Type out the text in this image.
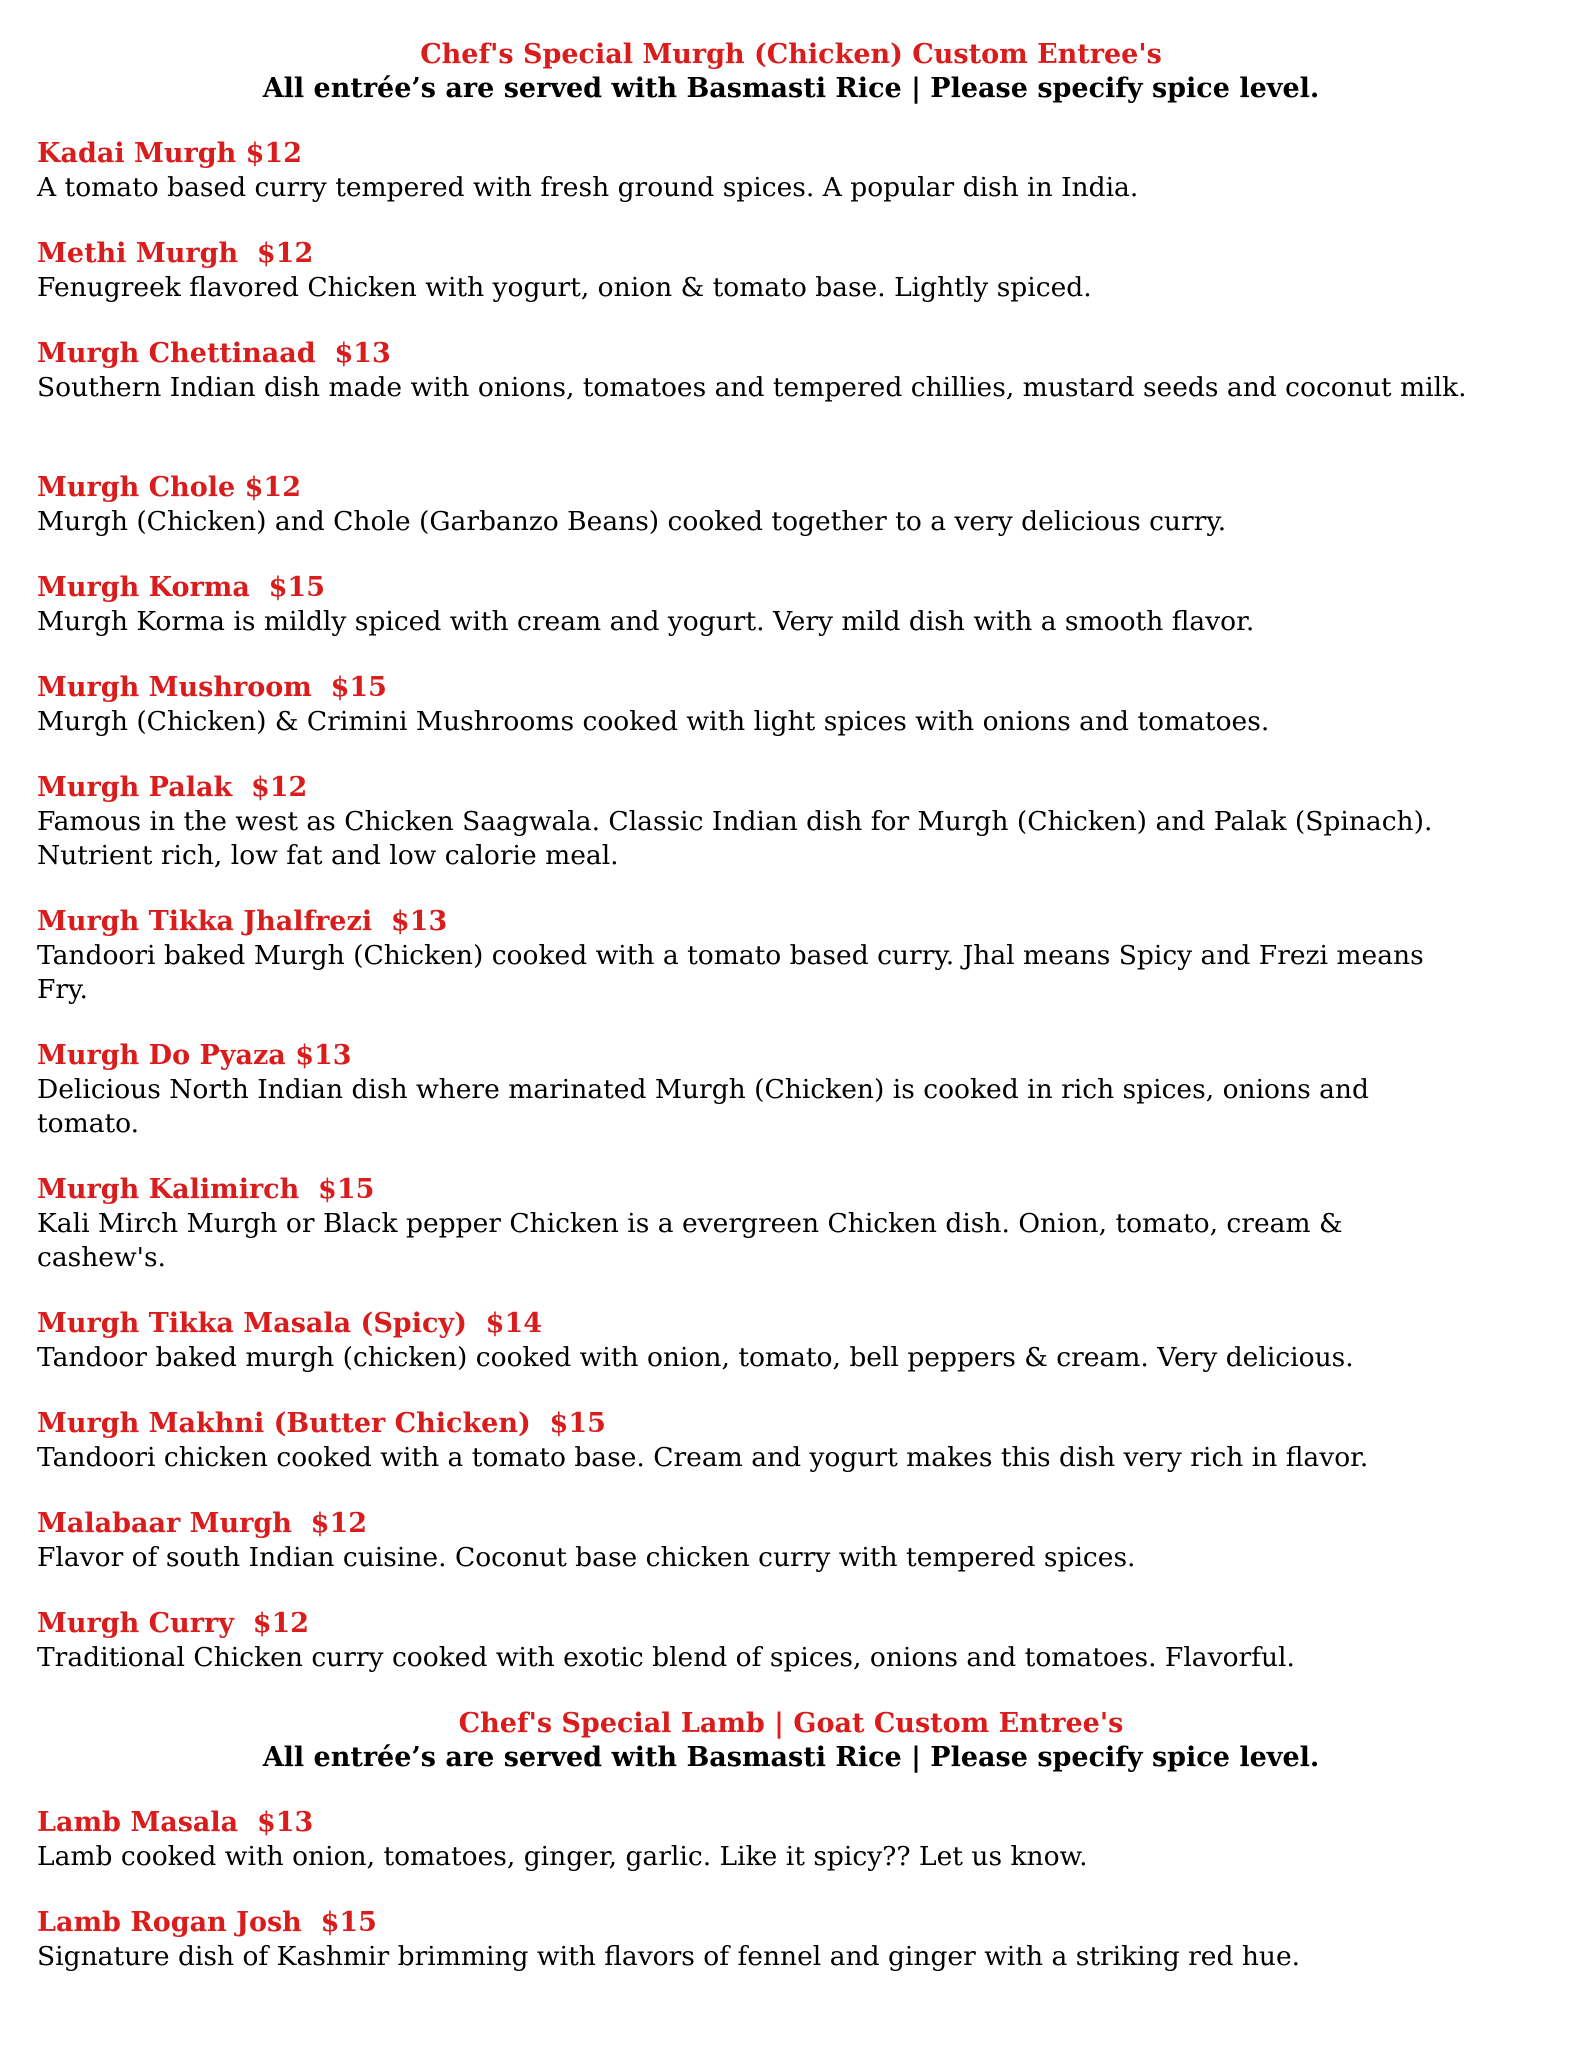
Chef's Special Murgh (Chicken) Custom Entree's

All entrée’s are served with Basmasti Rice | Please specify spice level.

Kadai Murgh $12

A tomato based curry tempered with fresh ground spices. A popular dish in India.

Methi Murgh  $12

Fenugreek flavored Chicken with yogurt, onion & tomato base. Lightly spiced.

Murgh Chettinaad  $13

Southern Indian dish made with onions, tomatoes and tempered chillies, mustard seeds and coconut milk.

Murgh Chole $12

Murgh (Chicken) and Chole (Garbanzo Beans) cooked together to a very delicious curry.

Murgh Korma  $15

Murgh Korma is mildly spiced with cream and yogurt. Very mild dish with a smooth flavor.

Murgh Mushroom  $15

Murgh (Chicken) & Crimini Mushrooms cooked with light spices with onions and tomatoes.

Murgh Palak  $12

Famous in the west as Chicken Saagwala. Classic Indian dish for Murgh (Chicken) and Palak (Spinach). Nutrient rich, low fat and low calorie meal.

Murgh Tikka Jhalfrezi  $13

Tandoori baked Murgh (Chicken) cooked with a tomato based curry. Jhal means Spicy and Frezi means Fry.

Murgh Do Pyaza $13

Delicious North Indian dish where marinated Murgh (Chicken) is cooked in rich spices, onions and tomato.

Murgh Kalimirch  $15

Kali Mirch Murgh or Black pepper Chicken is a evergreen Chicken dish. Onion, tomato, cream & cashew's.

Murgh Tikka Masala (Spicy)  $14

Tandoor baked murgh (chicken) cooked with onion, tomato, bell peppers & cream. Very delicious.

Murgh Makhni (Butter Chicken)  $15

Tandoori chicken cooked with a tomato base. Cream and yogurt makes this dish very rich in flavor.

Malabaar Murgh  $12

Flavor of south Indian cuisine. Coconut base chicken curry with tempered spices.

Murgh Curry  $12

Traditional Chicken curry cooked with exotic blend of spices, onions and tomatoes. Flavorful.

Chef's Special Lamb | Goat Custom Entree's

All entrée’s are served with Basmasti Rice | Please specify spice level.

Lamb Masala  $13

Lamb cooked with onion, tomatoes, ginger, garlic. Like it spicy?? Let us know.

Lamb Rogan Josh  $15

Signature dish of Kashmir brimming with flavors of fennel and ginger with a striking red hue.
